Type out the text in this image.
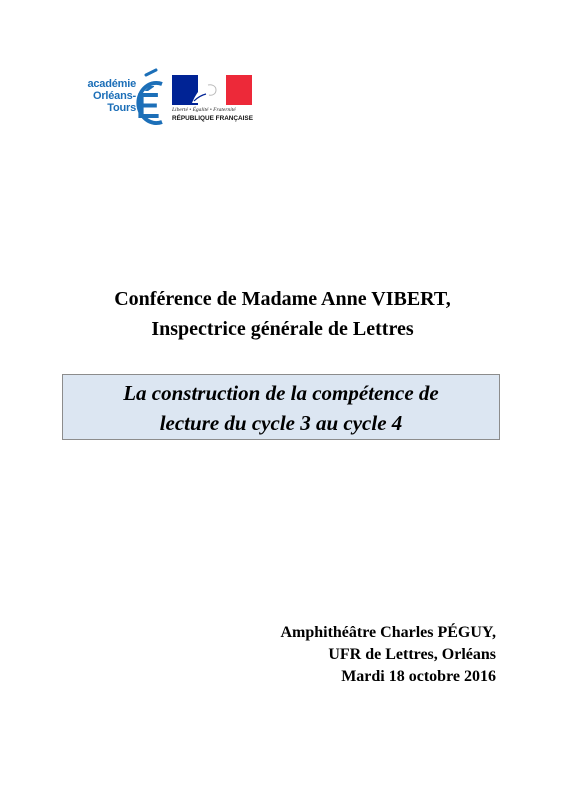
académie
Orléans-Tours É Liberté • Égalité • Fraternité
RÉPUBLIQUE FRANÇAISE
Conférence de Madame Anne VIBERT,
Inspectrice générale de Lettres
La construction de la compétence de
lecture du cycle 3 au cycle 4
Amphithéâtre Charles PÉGUY,
UFR de Lettres, Orléans
Mardi 18 octobre 2016
